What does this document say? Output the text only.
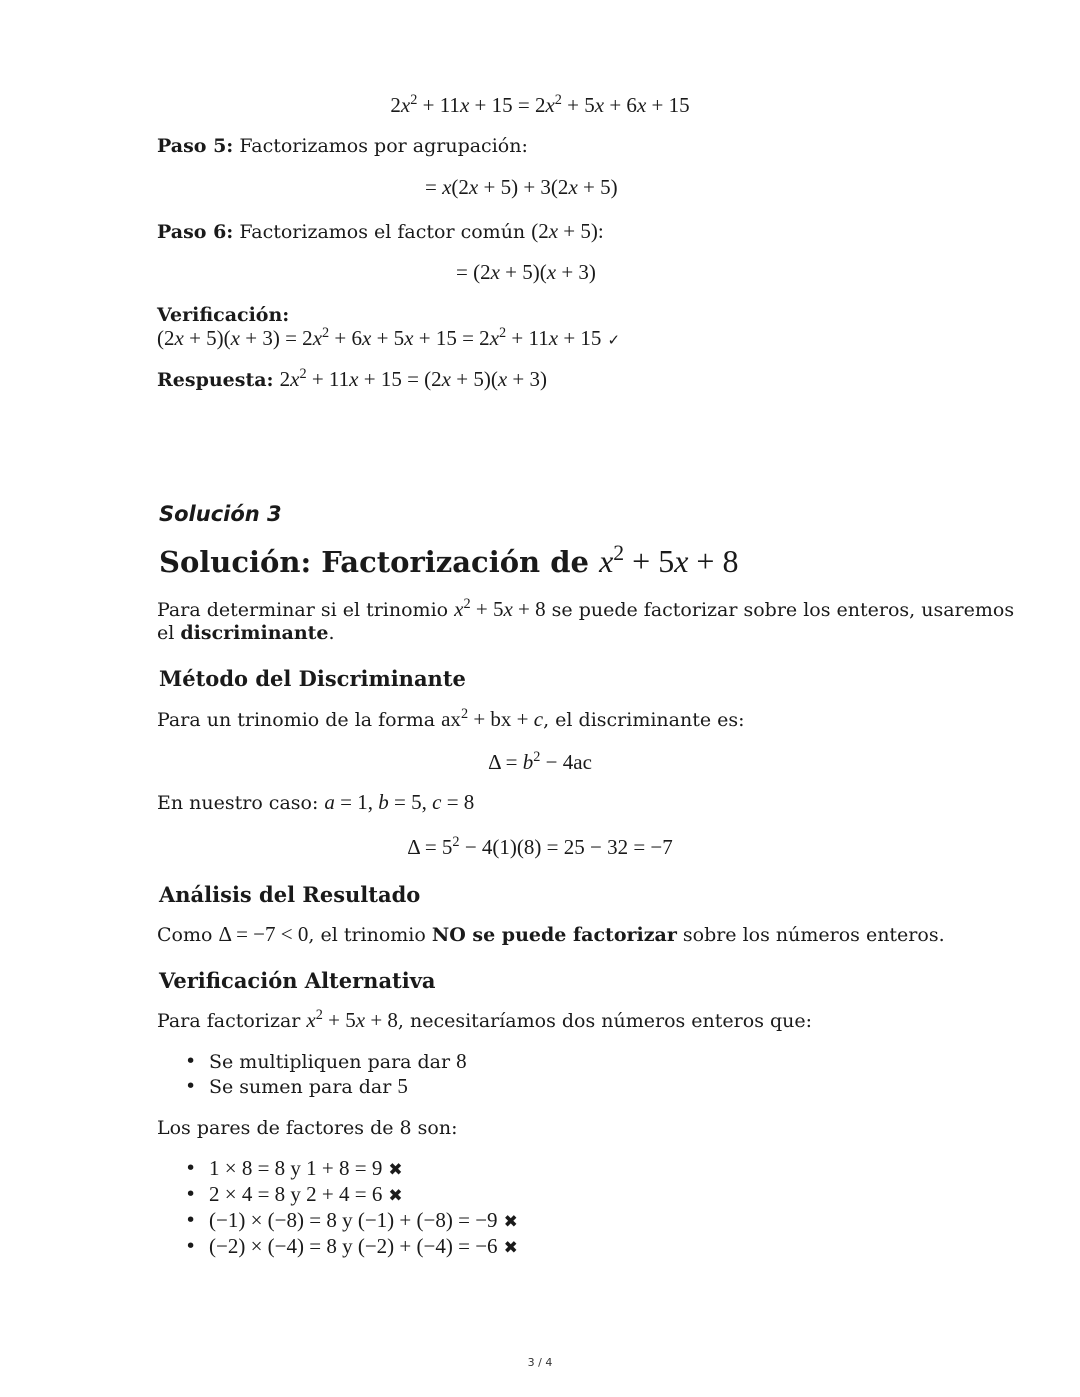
$2x^2 + 11x + 15 = 2x^2 + 5x + 6x + 15$
Paso 5: Factorizamos por agrupación:
= x(2x + 5) + 3(2x + 5)
Paso 6: Factorizamos el factor común (2x + 5):
= (2x + 5)(x + 3)
Verificación:
$(2x + 5)(x + 3) = 2x^2 + 6x + 5x + 15 = 2x^2 + 11x + 15$ ✓
Respuesta: $2x^2 + 11x + 15 = (2x + 5)(x + 3)$
Solución 3
Solución: Factorización de $x^2 + 5x + 8$
Para determinar si el trinomio $x^2 + 5x + 8$ se puede factorizar sobre los enteros, usaremos
el discriminante.
Método del Discriminante
Para un trinomio de la forma $ax^2$ + bx + c, el discriminante es:
$\Delta = b^2 - 4ac$
En nuestro caso: a = 1, b = 5, c = 8
$\Delta = 5^2 - 4(1)(8) = 25 - 32 = -7$
Análisis del Resultado
Como Δ = −7 < 0, el trinomio NO se puede factorizar sobre los números enteros.
Verificación Alternativa
Para factorizar $x^2 + 5x + 8$, necesitaríamos dos números enteros que:
• Se multipliquen para dar 8
• Se sumen para dar 5
Los pares de factores de 8 son:
• 1 × 8 = 8 y 1 + 8 = 9 ✖
• 2 × 4 = 8 y 2 + 4 = 6 ✖
• (−1) × (−8) = 8 y (−1) + (−8) = −9 ✖
• (−2) × (−4) = 8 y (−2) + (−4) = −6 ✖
3 / 4
